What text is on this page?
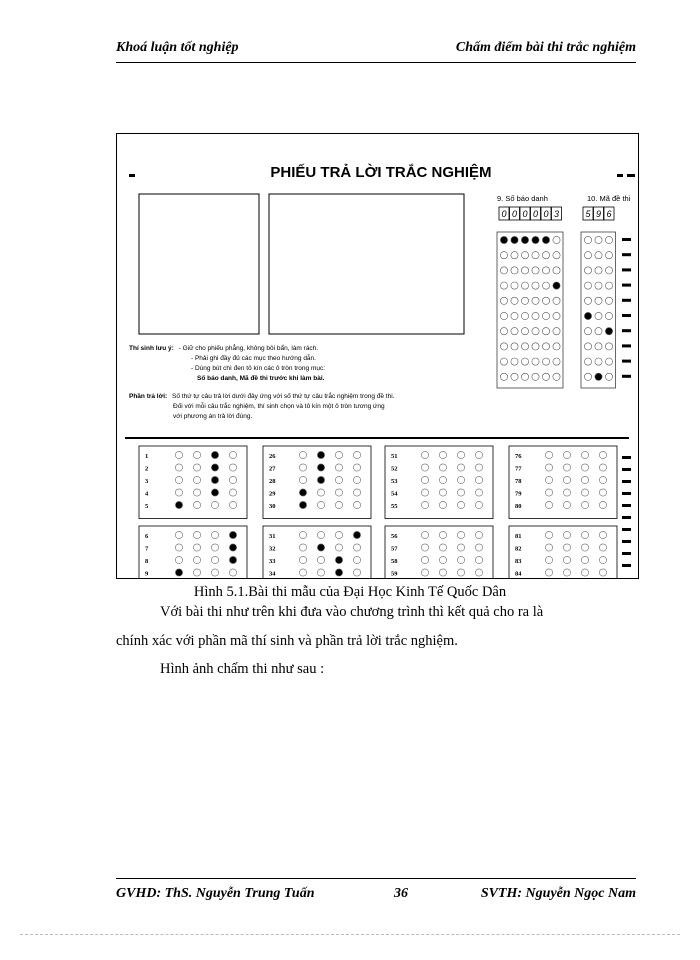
Khoá luận tốt nghiệp	Chấm điểm bài thi trắc nghiệm
PHIẾU TRẢ LỜI TRẮC NGHIỆM
9. Số báo danh	10. Mã đề thi
0 0 0 0 0 3	5 9 6
Thí sinh lưu ý: - Giữ cho phiếu phẳng, không bôi bẩn, làm rách.
- Phải ghi đầy đủ các mục theo hướng dẫn.
- Dùng bút chì đen tô kín các ô tròn trong mục:
Số báo danh, Mã đề thi trước khi làm bài.
Phần trả lời: Số thứ tự câu trả lời dưới đây ứng với số thứ tự câu trắc nghiệm trong đề thi.
Đối với mỗi câu trắc nghiệm, thí sinh chọn và tô kín một ô tròn tương ứng
với phương án trả lời đúng.
1
2
3
4
5
6
7
8
9
26
27
28
29
30
31
32
33
34
51
52
53
54
55
56
57
58
59
76
77
78
79
80
81
82
83
84
Hình 5.1.Bài thi mẫu của Đại Học Kinh Tế Quốc Dân
Với bài thi như trên khi đưa vào chương trình thì kết quả cho ra là
chính xác với phần mã thí sinh và phần trả lời trắc nghiệm.
Hình ảnh chấm thi như sau :
GVHD: ThS. Nguyễn Trung Tuấn	36	SVTH: Nguyễn Ngọc Nam
